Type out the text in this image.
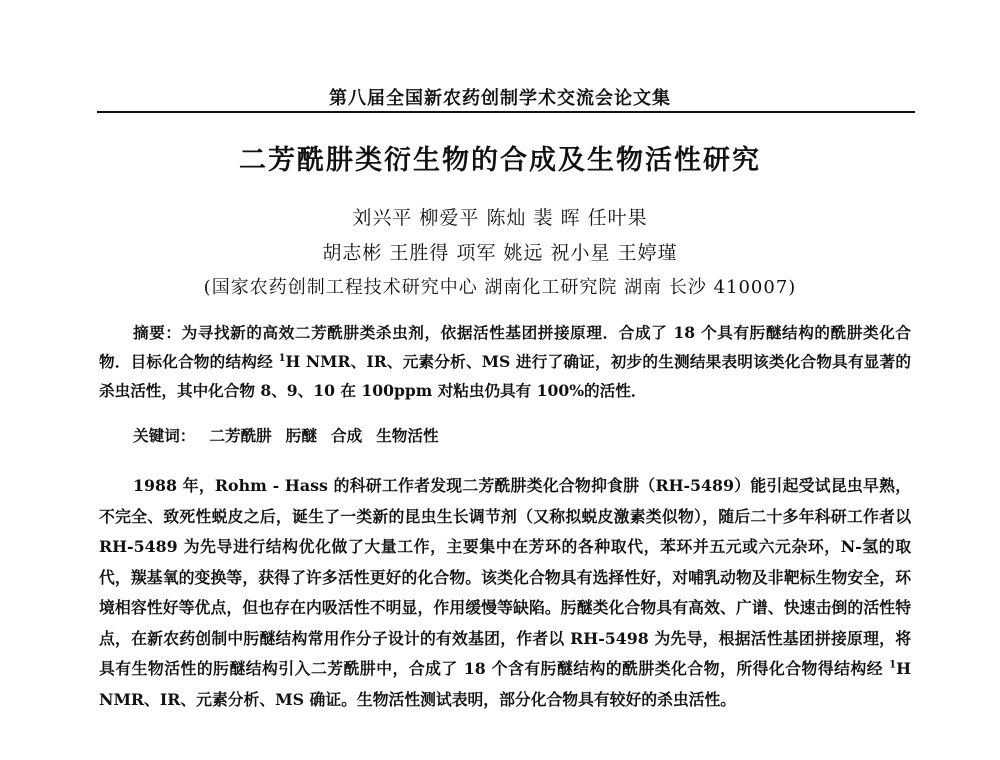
第八届全国新农药创制学术交流会论文集
二芳酰肼类衍生物的合成及生物活性研究
刘兴平 柳爱平 陈灿 裴 晖 任叶果
胡志彬 王胜得 项军 姚远 祝小星 王婷瑾
(国家农药创制工程技术研究中心 湖南化工研究院 湖南 长沙 410007)
摘要：为寻找新的高效二芳酰肼类杀虫剂，依据活性基团拼接原理．合成了 18 个具有肟醚结构的酰肼类化合物．目标化合物的结构经 $^1$H NMR、IR、元素分析、MS 进行了确证，初步的生测结果表明该类化合物具有显著的杀虫活性，其中化合物 8、9、10 在 100ppm 对粘虫仍具有 100%的活性．
关键词： 二芳酰肼 肟醚 合成 生物活性
1988 年，Rohm - Hass 的科研工作者发现二芳酰肼类化合物抑食肼（RH-5489）能引起受试昆虫早熟，不完全、致死性蜕皮之后，诞生了一类新的昆虫生长调节剂（又称拟蜕皮激素类似物），随后二十多年科研工作者以 RH-5489 为先导进行结构优化做了大量工作，主要集中在芳环的各种取代，苯环并五元或六元杂环，N-氢的取代，羰基氧的变换等，获得了许多活性更好的化合物。该类化合物具有选择性好，对哺乳动物及非靶标生物安全，环境相容性好等优点，但也存在内吸活性不明显，作用缓慢等缺陷。肟醚类化合物具有高效、广谱、快速击倒的活性特点，在新农药创制中肟醚结构常用作分子设计的有效基团，作者以 RH-5498 为先导，根据活性基团拼接原理，将具有生物活性的肟醚结构引入二芳酰肼中，合成了 18 个含有肟醚结构的酰肼类化合物，所得化合物得结构经 $^1$H NMR、IR、元素分析、MS 确证。生物活性测试表明，部分化合物具有较好的杀虫活性。
